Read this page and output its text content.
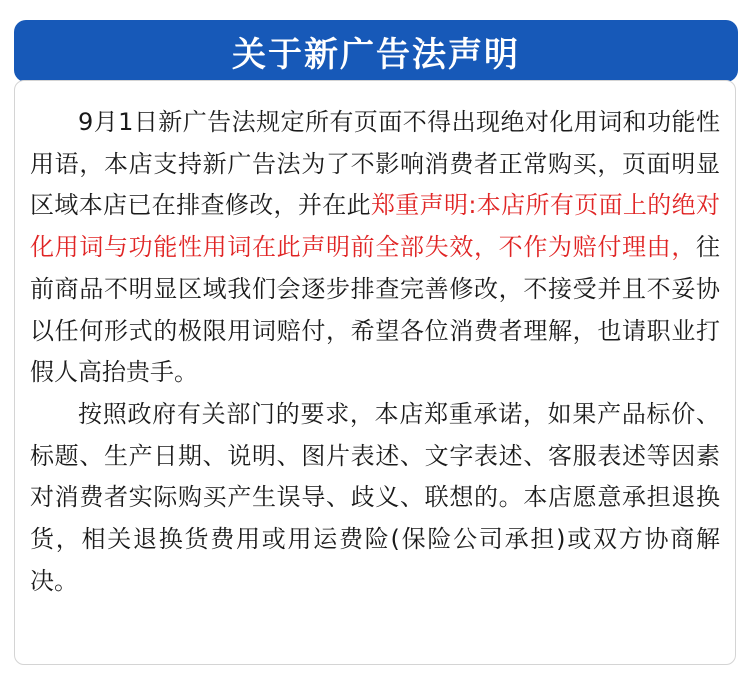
关于新广告法声明

9月1日新广告法规定所有页面不得出现绝对化用词和功能性用语，本店支持新广告法为了不影响消费者正常购买，页面明显区域本店已在排查修改，并在此郑重声明:本店所有页面上的绝对化用词与功能性用词在此声明前全部失效，不作为赔付理由，往前商品不明显区域我们会逐步排查完善修改，不接受并且不妥协以任何形式的极限用词赔付，希望各位消费者理解，也请职业打假人高抬贵手。

按照政府有关部门的要求，本店郑重承诺，如果产品标价、标题、生产日期、说明、图片表述、文字表述、客服表述等因素对消费者实际购买产生误导、歧义、联想的。本店愿意承担退换货，相关退换货费用或用运费险(保险公司承担)或双方协商解决。
